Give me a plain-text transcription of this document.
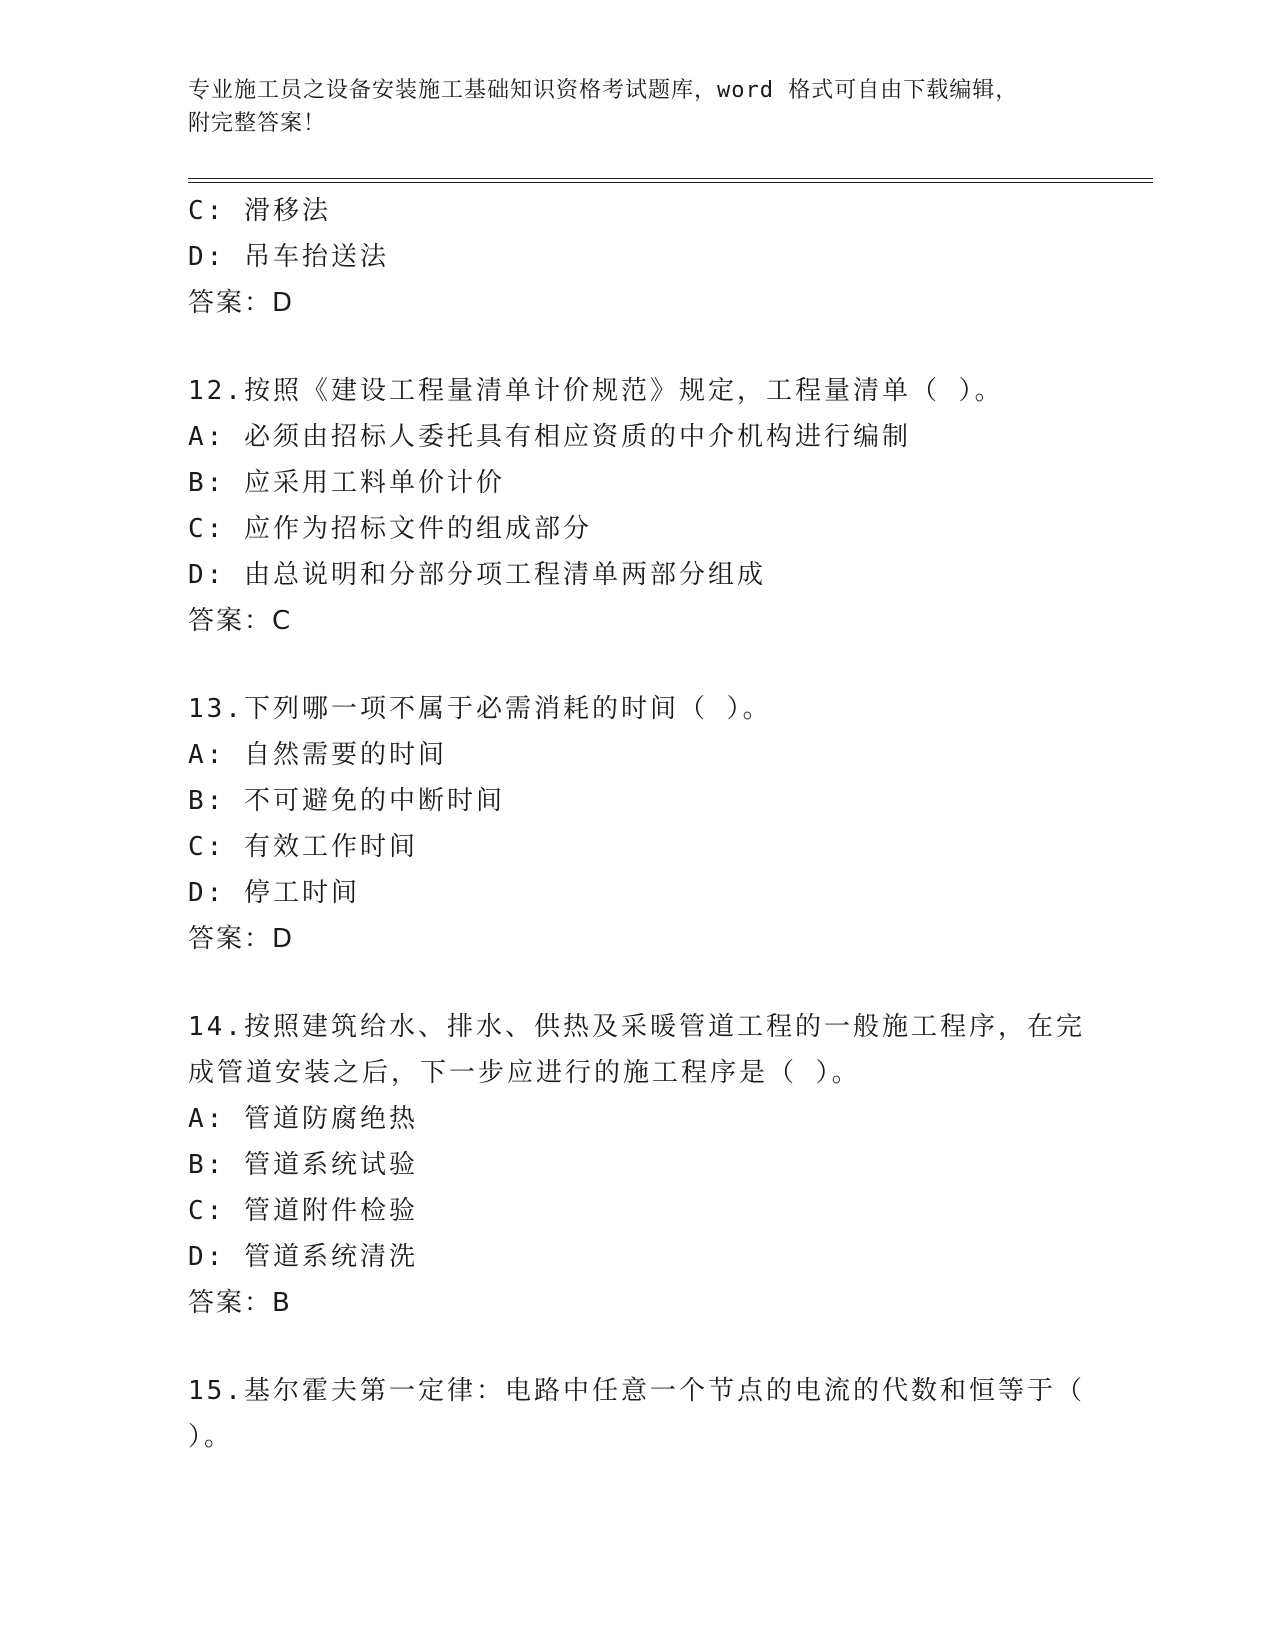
专业施工员之设备安装施工基础知识资格考试题库，word 格式可自由下载编辑，
附完整答案！
C: 滑移法
D: 吊车抬送法
答案：D
12.按照《建设工程量清单计价规范》规定，工程量清单（ ）。
A: 必须由招标人委托具有相应资质的中介机构进行编制
B: 应采用工料单价计价
C: 应作为招标文件的组成部分
D: 由总说明和分部分项工程清单两部分组成
答案：C
13.下列哪一项不属于必需消耗的时间（ ）。
A: 自然需要的时间
B: 不可避免的中断时间
C: 有效工作时间
D: 停工时间
答案：D
14.按照建筑给水、排水、供热及采暖管道工程的一般施工程序，在完
成管道安装之后，下一步应进行的施工程序是（ ）。
A: 管道防腐绝热
B: 管道系统试验
C: 管道附件检验
D: 管道系统清洗
答案：B
15.基尔霍夫第一定律：电路中任意一个节点的电流的代数和恒等于（
）。
